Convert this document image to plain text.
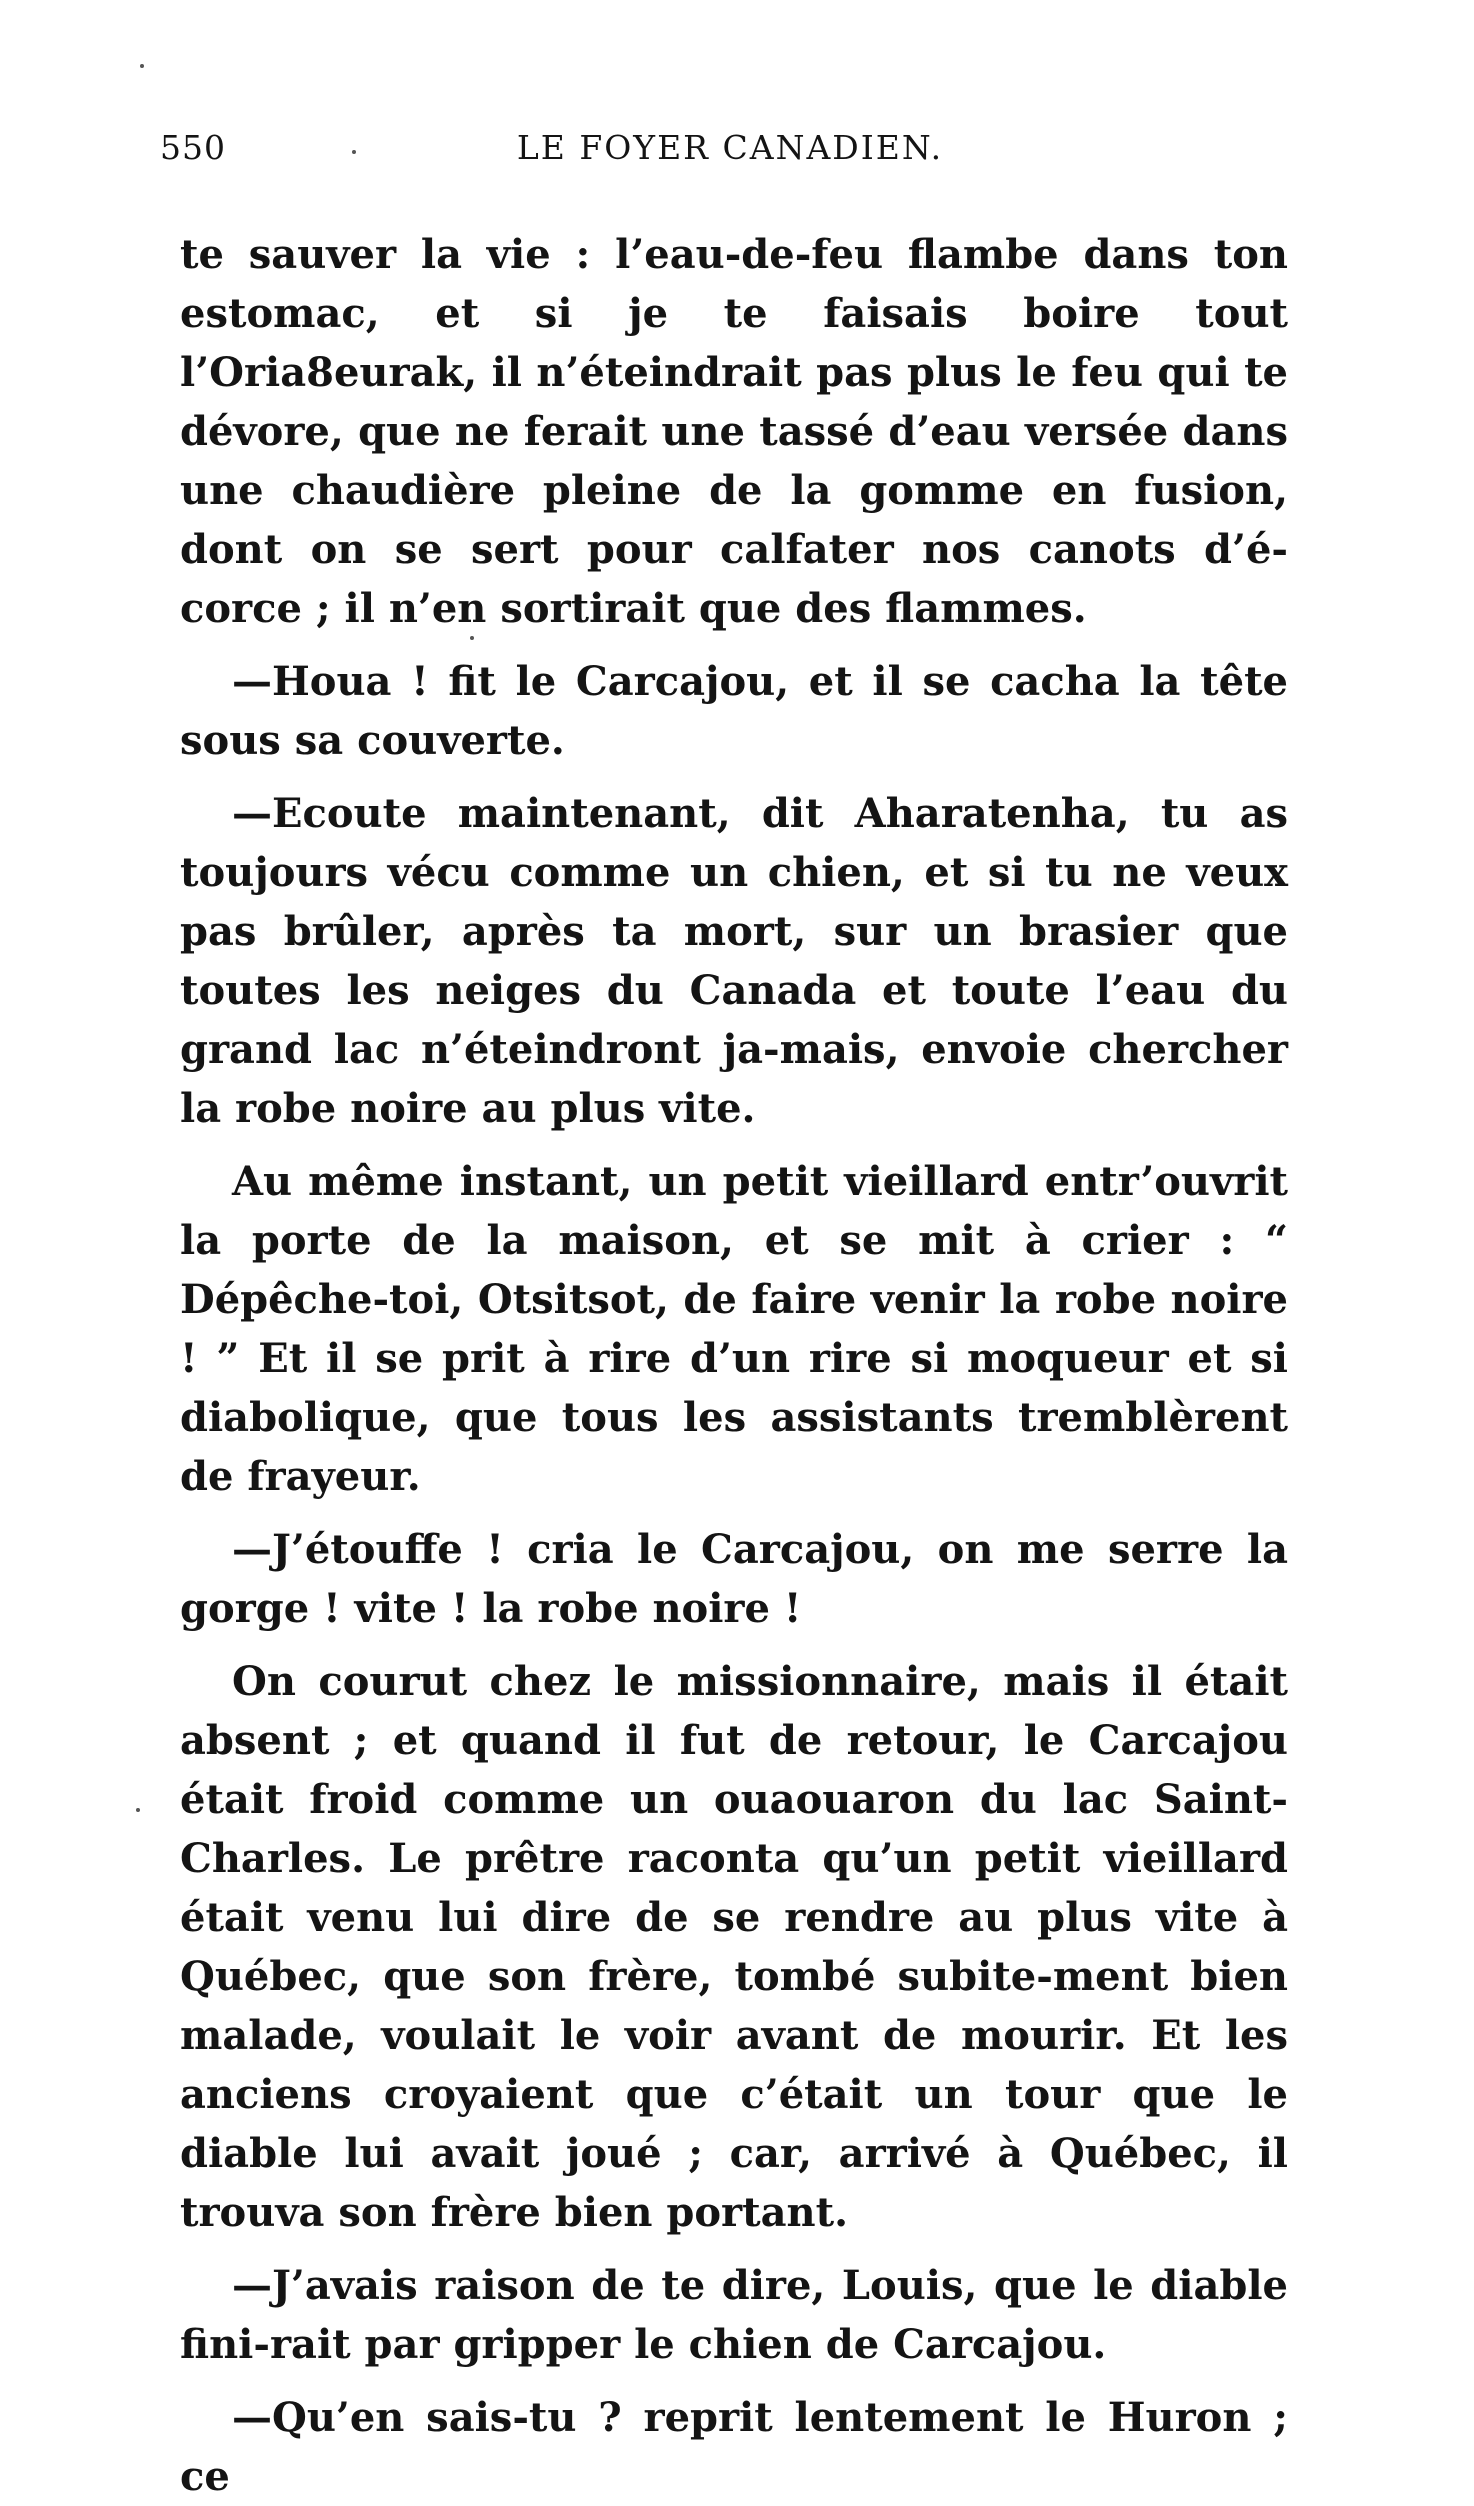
550	LE FOYER CANADIEN.

te sauver la vie : l’eau-de-feu flambe dans ton estomac, et si je te faisais boire tout l’Oria8eurak, il n’éteindrait pas plus le feu qui te dévore, que ne ferait une tassé d’eau versée dans une chaudière pleine de la gomme en fusion, dont on se sert pour calfater nos canots d’é-corce ; il n’en sortirait que des flammes.

—Houa ! fit le Carcajou, et il se cacha la tête sous sa couverte.

—Ecoute maintenant, dit Aharatenha, tu as toujours vécu comme un chien, et si tu ne veux pas brûler, après ta mort, sur un brasier que toutes les neiges du Canada et toute l’eau du grand lac n’éteindront ja-mais, envoie chercher la robe noire au plus vite.

Au même instant, un petit vieillard entr’ouvrit la porte de la maison, et se mit à crier : “ Dépêche-toi, Otsitsot, de faire venir la robe noire ! ” Et il se prit à rire d’un rire si moqueur et si diabolique, que tous les assistants tremblèrent de frayeur.

—J’étouffe ! cria le Carcajou, on me serre la gorge ! vite ! la robe noire !

On courut chez le missionnaire, mais il était absent ; et quand il fut de retour, le Carcajou était froid comme un ouaouaron du lac Saint-Charles. Le prêtre raconta qu’un petit vieillard était venu lui dire de se rendre au plus vite à Québec, que son frère, tombé subite-ment bien malade, voulait le voir avant de mourir. Et les anciens croyaient que c’était un tour que le diable lui avait joué ; car, arrivé à Québec, il trouva son frère bien portant.

—J’avais raison de te dire, Louis, que le diable fini-rait par gripper le chien de Carcajou.

—Qu’en sais-tu ? reprit lentement le Huron ; ce
